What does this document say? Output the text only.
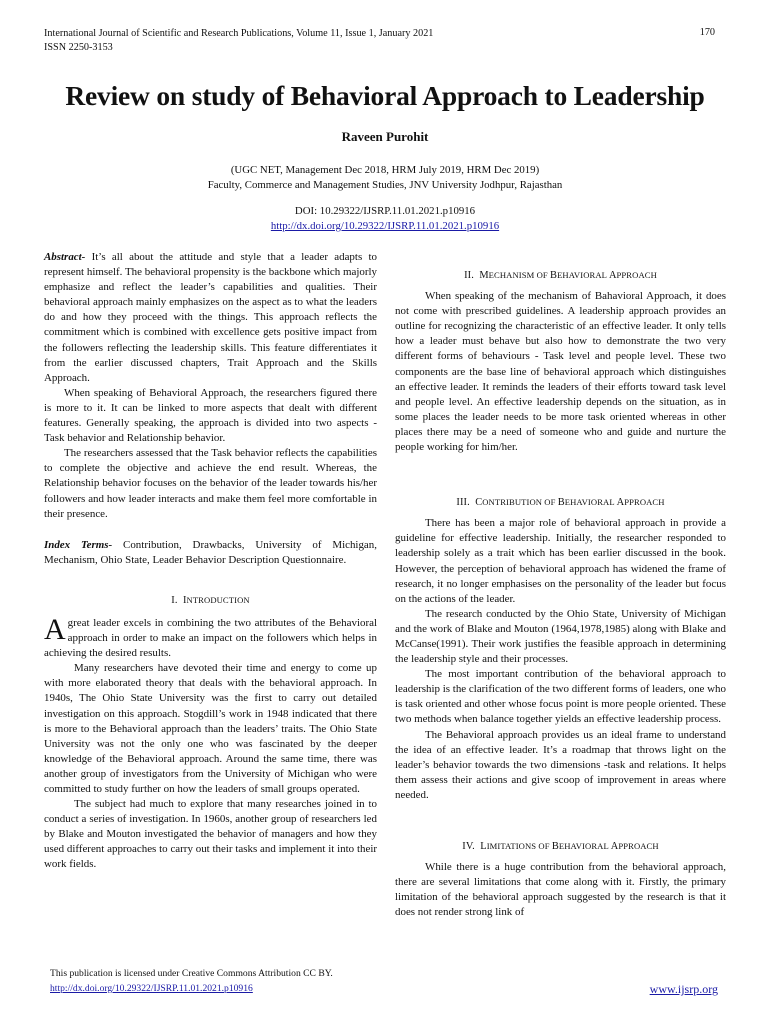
International Journal of Scientific and Research Publications, Volume 11, Issue 1, January 2021
ISSN 2250-3153
170
Review on study of Behavioral Approach to Leadership
Raveen Purohit
(UGC NET, Management Dec 2018, HRM July 2019, HRM Dec 2019)
Faculty, Commerce and Management Studies, JNV University Jodhpur, Rajasthan
DOI: 10.29322/IJSRP.11.01.2021.p10916
http://dx.doi.org/10.29322/IJSRP.11.01.2021.p10916

Abstract- It’s all about the attitude and style that a leader adapts to represent himself. The behavioral propensity is the backbone which majorly emphasize and reflect the leader’s capabilities and qualities. Their behavioral approach mainly emphasizes on the aspect as to what the leaders do and how they proceed with the things. This approach reflects the commitment which is combined with excellence gets positive impact from the followers reflecting the leadership skills. This feature differentiates it from the earlier discussed chapters, Trait Approach and the Skills Approach.

When speaking of Behavioral Approach, the researchers figured there is more to it. It can be linked to more aspects that dealt with different features. Generally speaking, the approach is divided into two aspects - Task behavior and Relationship behavior.

The researchers assessed that the Task behavior reflects the capabilities to complete the objective and achieve the end result. Whereas, the Relationship behavior focuses on the behavior of the leader towards his/her followers and how leader interacts and make them feel more comfortable in their presence.

Index Terms- Contribution, Drawbacks, University of Michigan, Mechanism, Ohio State, Leader Behavior Description Questionnaire.

I. INTRODUCTION

Agreat leader excels in combining the two attributes of the Behavioral approach in order to make an impact on the followers which helps in achieving the desired results.

Many researchers have devoted their time and energy to come up with more elaborated theory that deals with the behavioral approach. In 1940s, The Ohio State University was the first to carry out detailed investigation on this approach. Stogdill’s work in 1948 indicated that there is more to the Behavioral approach than the leaders’ traits. The Ohio State University was not the only one who was fascinated by the deeper knowledge of the Behavioral approach. Around the same time, there was another group of investigators from the University of Michigan who were committed to study further on how the leaders of small groups operated.

The subject had much to explore that many researches joined in to conduct a series of investigation. In 1960s, another group of researchers led by Blake and Mouton investigated the behavior of managers and how they used different approaches to carry out their tasks and implement it into their work fields.

II. MECHANISM OF BEHAVIORAL APPROACH

When speaking of the mechanism of Bahavioral Approach, it does not come with prescribed guidelines. A leadership approach provides an outline for recognizing the characteristic of an effective leader. It only tells how a leader must behave but also how to demonstrate the two very different forms of behaviours - Task level and people level. These two components are the base line of behavioral approach which distinguishes an effective leader. It reminds the leaders of their efforts toward task level and people level. An effective leadership depends on the situation, as in some places the leader needs to be more task oriented whereas in other places there may be a need of someone who and guide and nurture the people working for him/her.

III. CONTRIBUTION OF BEHAVIORAL APPROACH

There has been a major role of behavioral approach in provide a guideline for effective leadership. Initially, the researcher responded to leadership solely as a trait which has been earlier discussed in the book. However, the perception of behavioral approach has widened the frame of research, it no longer emphasises on the personality of the leader but focus on the actions of the leader.

The research conducted by the Ohio State, University of Michigan and the work of Blake and Mouton (1964,1978,1985) along with Blake and McCanse(1991). Their work justifies the feasible approach in determining the leadership style and their processes.

The most important contribution of the behavioral approach to leadership is the clarification of the two different forms of leaders, one who is task oriented and other whose focus point is more people oriented. These two methods when balance together yields an effective leadership process.

The Behavioral approach provides us an ideal frame to understand the idea of an effective leader. It’s a roadmap that throws light on the leader’s behavior towards the two dimensions -task and relations. It helps them assess their actions and give scoop of improvement in areas where needed.

IV. LIMITATIONS OF BEHAVIORAL APPROACH

While there is a huge contribution from the behavioral approach, there are several limitations that come along with it. Firstly, the primary limitation of the behavioral approach suggested by the research is that it does not render strong link of

This publication is licensed under Creative Commons Attribution CC BY.
http://dx.doi.org/10.29322/IJSRP.11.01.2021.p10916	www.ijsrp.org
